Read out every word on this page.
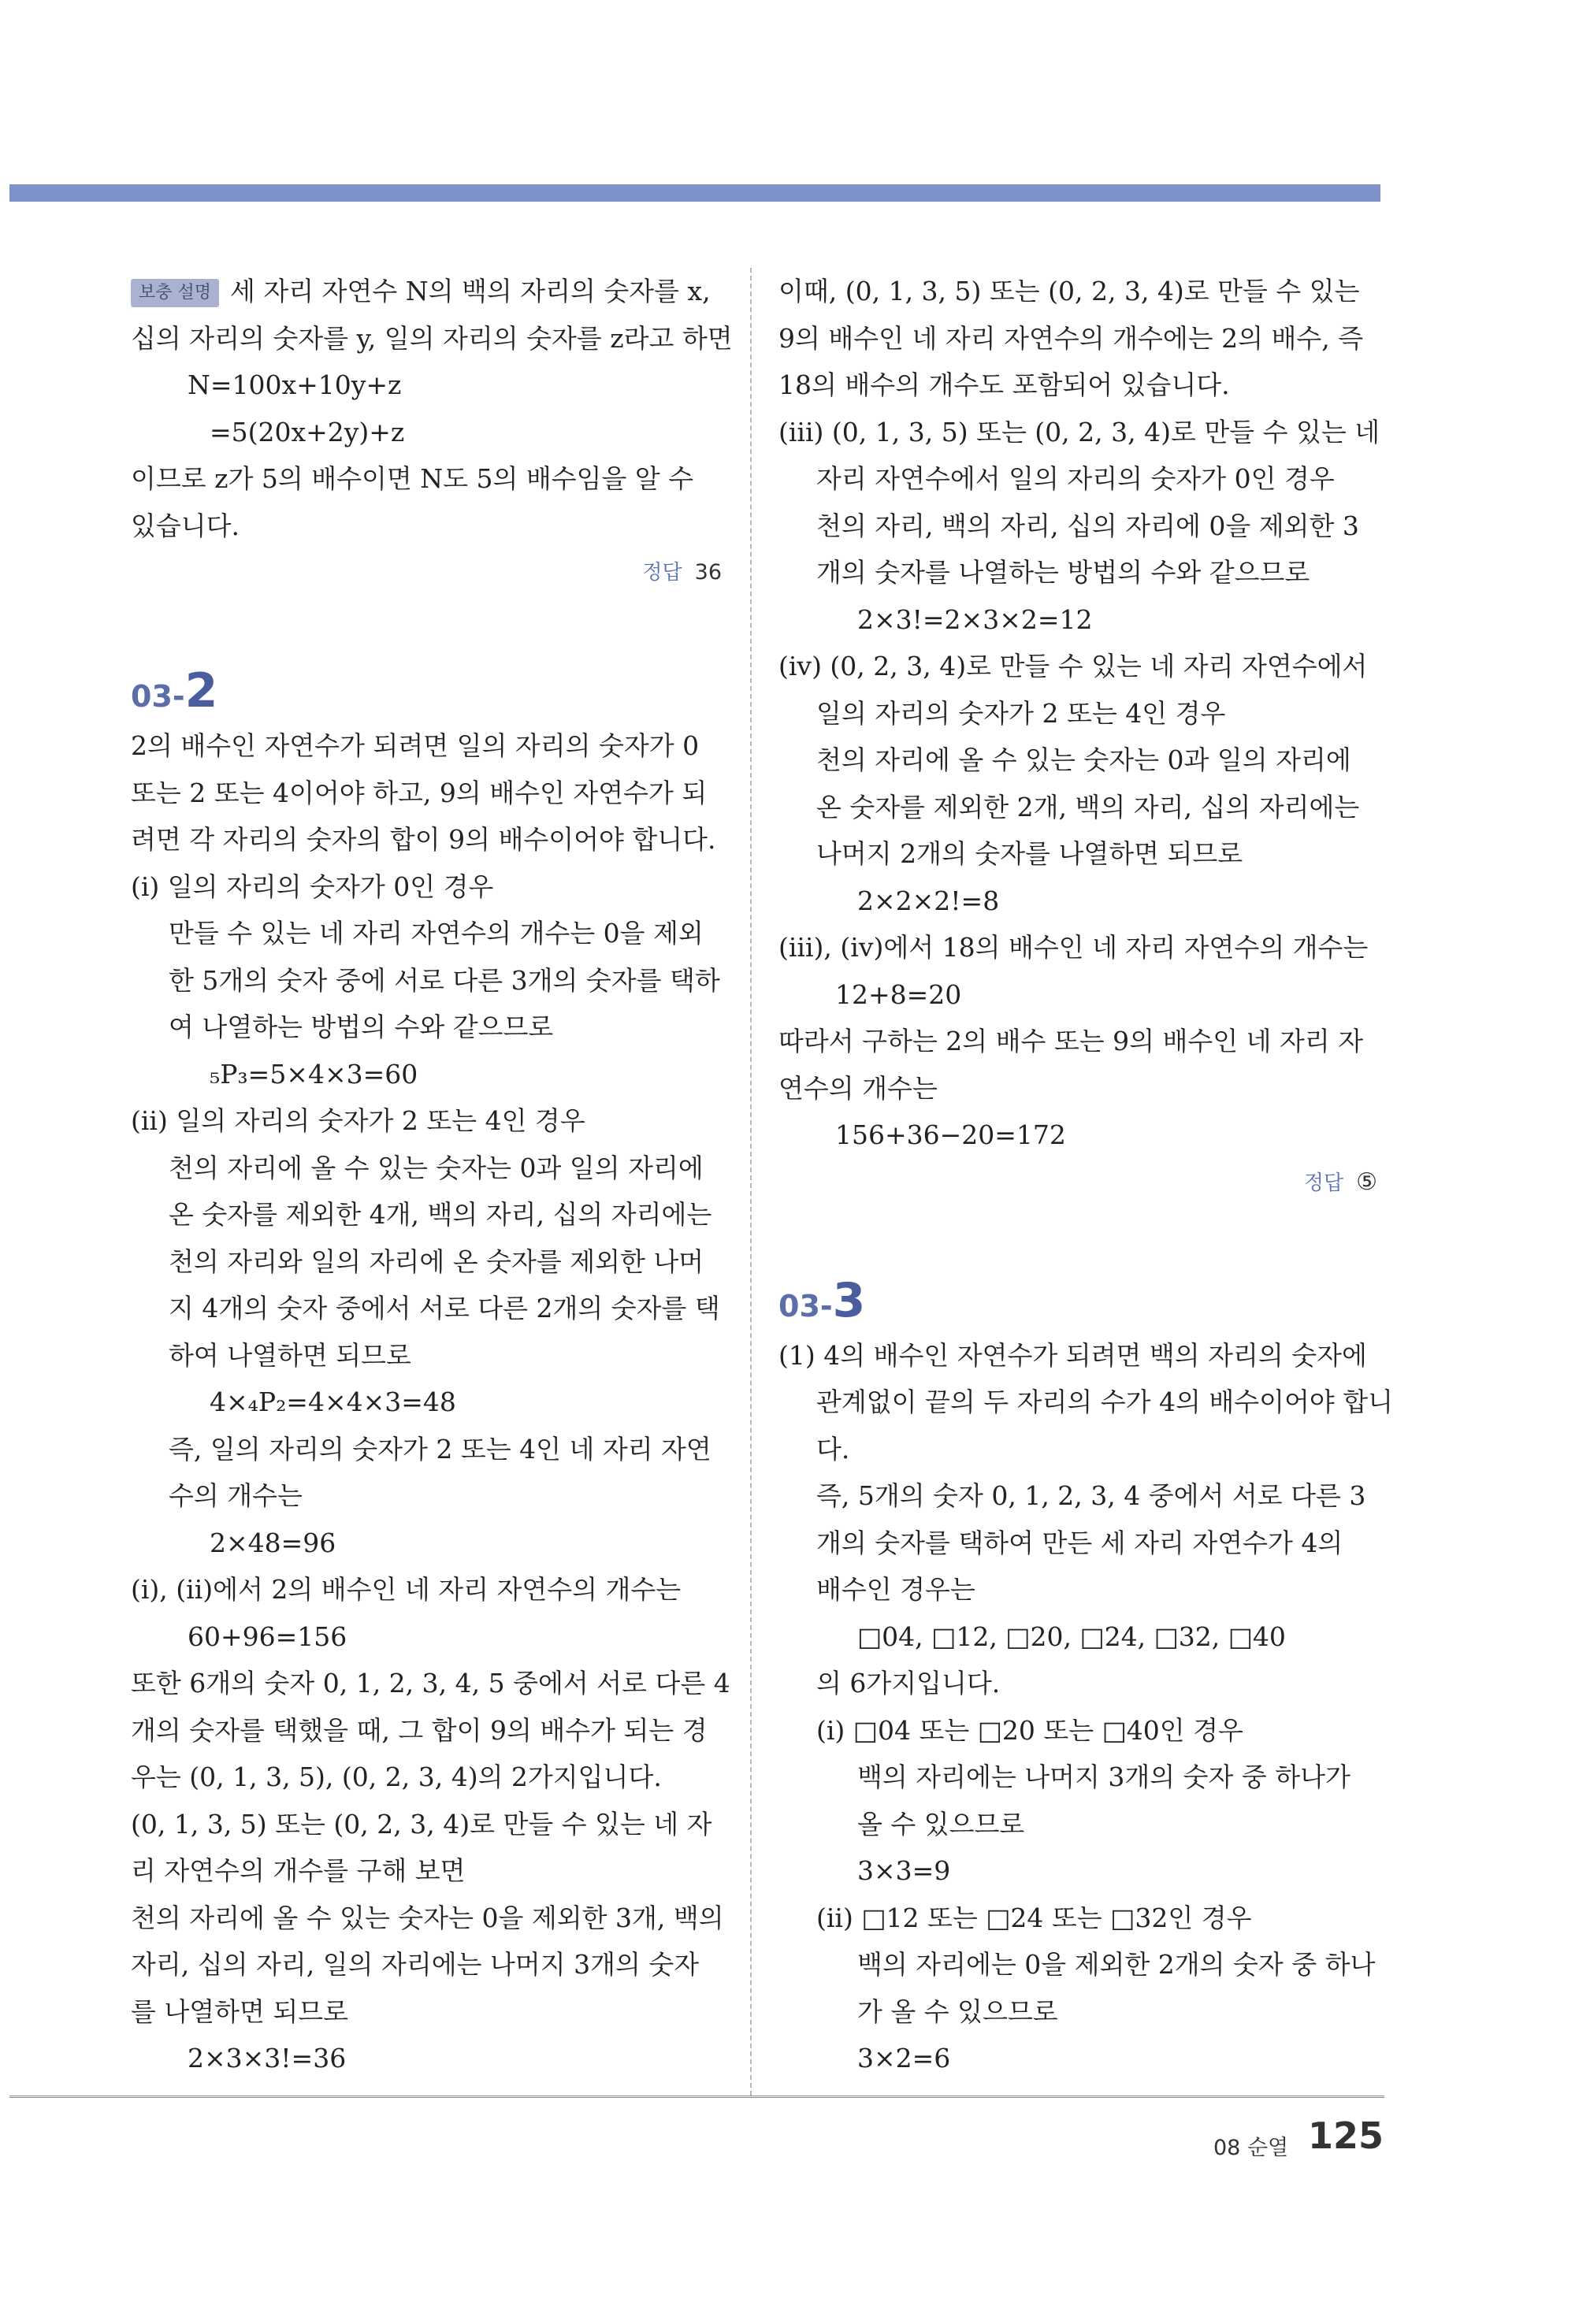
보충 설명 세 자리 자연수 N의 백의 자리의 숫자를 x,
십의 자리의 숫자를 y, 일의 자리의 숫자를 z라고 하면
N=100x+10y+z
=5(20x+2y)+z
이므로 z가 5의 배수이면 N도 5의 배수임을 알 수
있습니다.
정답 36
03-2
2의 배수인 자연수가 되려면 일의 자리의 숫자가 0
또는 2 또는 4이어야 하고, 9의 배수인 자연수가 되
려면 각 자리의 숫자의 합이 9의 배수이어야 합니다.
(i) 일의 자리의 숫자가 0인 경우
만들 수 있는 네 자리 자연수의 개수는 0을 제외
한 5개의 숫자 중에 서로 다른 3개의 숫자를 택하
여 나열하는 방법의 수와 같으므로
₅P₃=5×4×3=60
(ii) 일의 자리의 숫자가 2 또는 4인 경우
천의 자리에 올 수 있는 숫자는 0과 일의 자리에
온 숫자를 제외한 4개, 백의 자리, 십의 자리에는
천의 자리와 일의 자리에 온 숫자를 제외한 나머
지 4개의 숫자 중에서 서로 다른 2개의 숫자를 택
하여 나열하면 되므로
4×₄P₂=4×4×3=48
즉, 일의 자리의 숫자가 2 또는 4인 네 자리 자연
수의 개수는
2×48=96
(i), (ii)에서 2의 배수인 네 자리 자연수의 개수는
60+96=156
또한 6개의 숫자 0, 1, 2, 3, 4, 5 중에서 서로 다른 4
개의 숫자를 택했을 때, 그 합이 9의 배수가 되는 경
우는 (0, 1, 3, 5), (0, 2, 3, 4)의 2가지입니다.
(0, 1, 3, 5) 또는 (0, 2, 3, 4)로 만들 수 있는 네 자
리 자연수의 개수를 구해 보면
천의 자리에 올 수 있는 숫자는 0을 제외한 3개, 백의
자리, 십의 자리, 일의 자리에는 나머지 3개의 숫자
를 나열하면 되므로
2×3×3!=36
이때, (0, 1, 3, 5) 또는 (0, 2, 3, 4)로 만들 수 있는
9의 배수인 네 자리 자연수의 개수에는 2의 배수, 즉
18의 배수의 개수도 포함되어 있습니다.
(iii) (0, 1, 3, 5) 또는 (0, 2, 3, 4)로 만들 수 있는 네
자리 자연수에서 일의 자리의 숫자가 0인 경우
천의 자리, 백의 자리, 십의 자리에 0을 제외한 3
개의 숫자를 나열하는 방법의 수와 같으므로
2×3!=2×3×2=12
(iv) (0, 2, 3, 4)로 만들 수 있는 네 자리 자연수에서
일의 자리의 숫자가 2 또는 4인 경우
천의 자리에 올 수 있는 숫자는 0과 일의 자리에
온 숫자를 제외한 2개, 백의 자리, 십의 자리에는
나머지 2개의 숫자를 나열하면 되므로
2×2×2!=8
(iii), (iv)에서 18의 배수인 네 자리 자연수의 개수는
12+8=20
따라서 구하는 2의 배수 또는 9의 배수인 네 자리 자
연수의 개수는
156+36−20=172
정답 ⑤
03-3
(1) 4의 배수인 자연수가 되려면 백의 자리의 숫자에
관계없이 끝의 두 자리의 수가 4의 배수이어야 합니
다.
즉, 5개의 숫자 0, 1, 2, 3, 4 중에서 서로 다른 3
개의 숫자를 택하여 만든 세 자리 자연수가 4의
배수인 경우는
□04, □12, □20, □24, □32, □40
의 6가지입니다.
(i) □04 또는 □20 또는 □40인 경우
백의 자리에는 나머지 3개의 숫자 중 하나가
올 수 있으므로
3×3=9
(ii) □12 또는 □24 또는 □32인 경우
백의 자리에는 0을 제외한 2개의 숫자 중 하나
가 올 수 있으므로
3×2=6
08 순열 125
